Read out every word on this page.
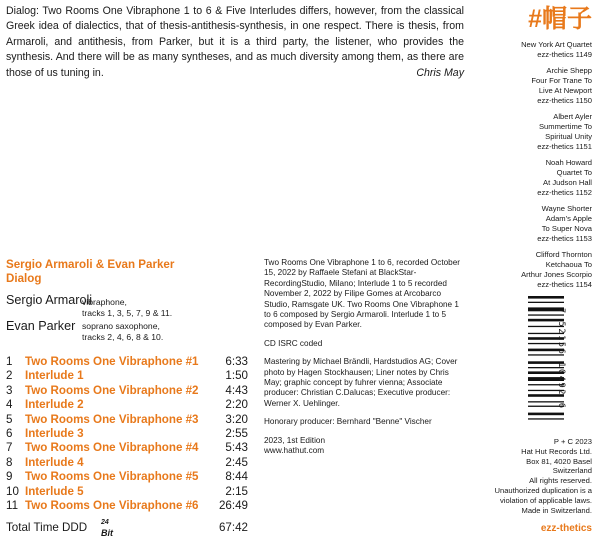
Dialog: Two Rooms One Vibraphone 1 to 6 & Five Interludes differs, however, from the classical Greek idea of dialectics, that of thesis-antithesis-synthesis, in one respect. There is thesis, from Armaroli, and antithesis, from Parker, but it is a third party, the listener, who provides the synthesis. And there will be as many syntheses, and as much diversity among them, as there are those of us tuning in.	Chris May
#帽子
New York Art Quartet
ezz-thetics 1149
Archie Shepp
Four For Trane To
Live At Newport
ezz-thetics 1150
Albert Ayler
Summertime To
Spiritual Unity
ezz-thetics 1151
Noah Howard
Quartet To
At Judson Hall
ezz-thetics 1152
Wayne Shorter
Adam's Apple
To Super Nova
ezz-thetics 1153
Clifford Thornton
Ketchaoua To
Arthur Jones Scorpio
ezz-thetics 1154
7 52156 10492 6
P + C 2023
Hat Hut Records Ltd.
Box 81, 4020 Basel
Switzerland
All rights reserved.
Unauthorized duplication is a
violation of applicable laws.
Made in Switzerland.
ezz-thetics
Sergio Armaroli & Evan Parker
Dialog
Sergio Armaroli
vibraphone,
tracks 1, 3, 5, 7, 9 & 11.
Evan Parker soprano saxophone,
tracks 2, 4, 6, 8 & 10.
1 Two Rooms One Vibraphone #1 6:33
2 Interlude 1	1:50
3 Two Rooms One Vibraphone #2 4:43
4 Interlude 2	2:20
5 Two Rooms One Vibraphone #3 3:20
6 Interlude 3	2:55
7 Two Rooms One Vibraphone #4 5:43
8 Interlude 4	2:45
9 Two Rooms One Vibraphone #5 8:44
10 Interlude 5	2:15
11 Two Rooms One Vibraphone #6 26:49
Total Time DDD	67:42
$^{24}$
Bit

Two Rooms One Vibraphone 1 to 6, recorded October 15, 2022 by Raffaele Stefani at BlackStar-RecordingStudio, Milano; Interlude 1 to 5 recorded November 2, 2022 by Filipe Gomes at Arcobarco Studio, Ramsgate UK. Two Rooms One Vibraphone 1 to 6 composed by Sergio Armaroli. Interlude 1 to 5 composed by Evan Parker.

CD ISRC coded

Mastering by Michael Brändli, Hardstudios AG; Cover photo by Hagen Stockhausen; Liner notes by Chris May; graphic concept by fuhrer vienna; Associate producer: Christian C.Dalucas; Executive producer: Werner X. Uehlinger.

Honorary producer: Bernhard "Benne" Vischer

2023, 1st Edition
www.hathut.com
